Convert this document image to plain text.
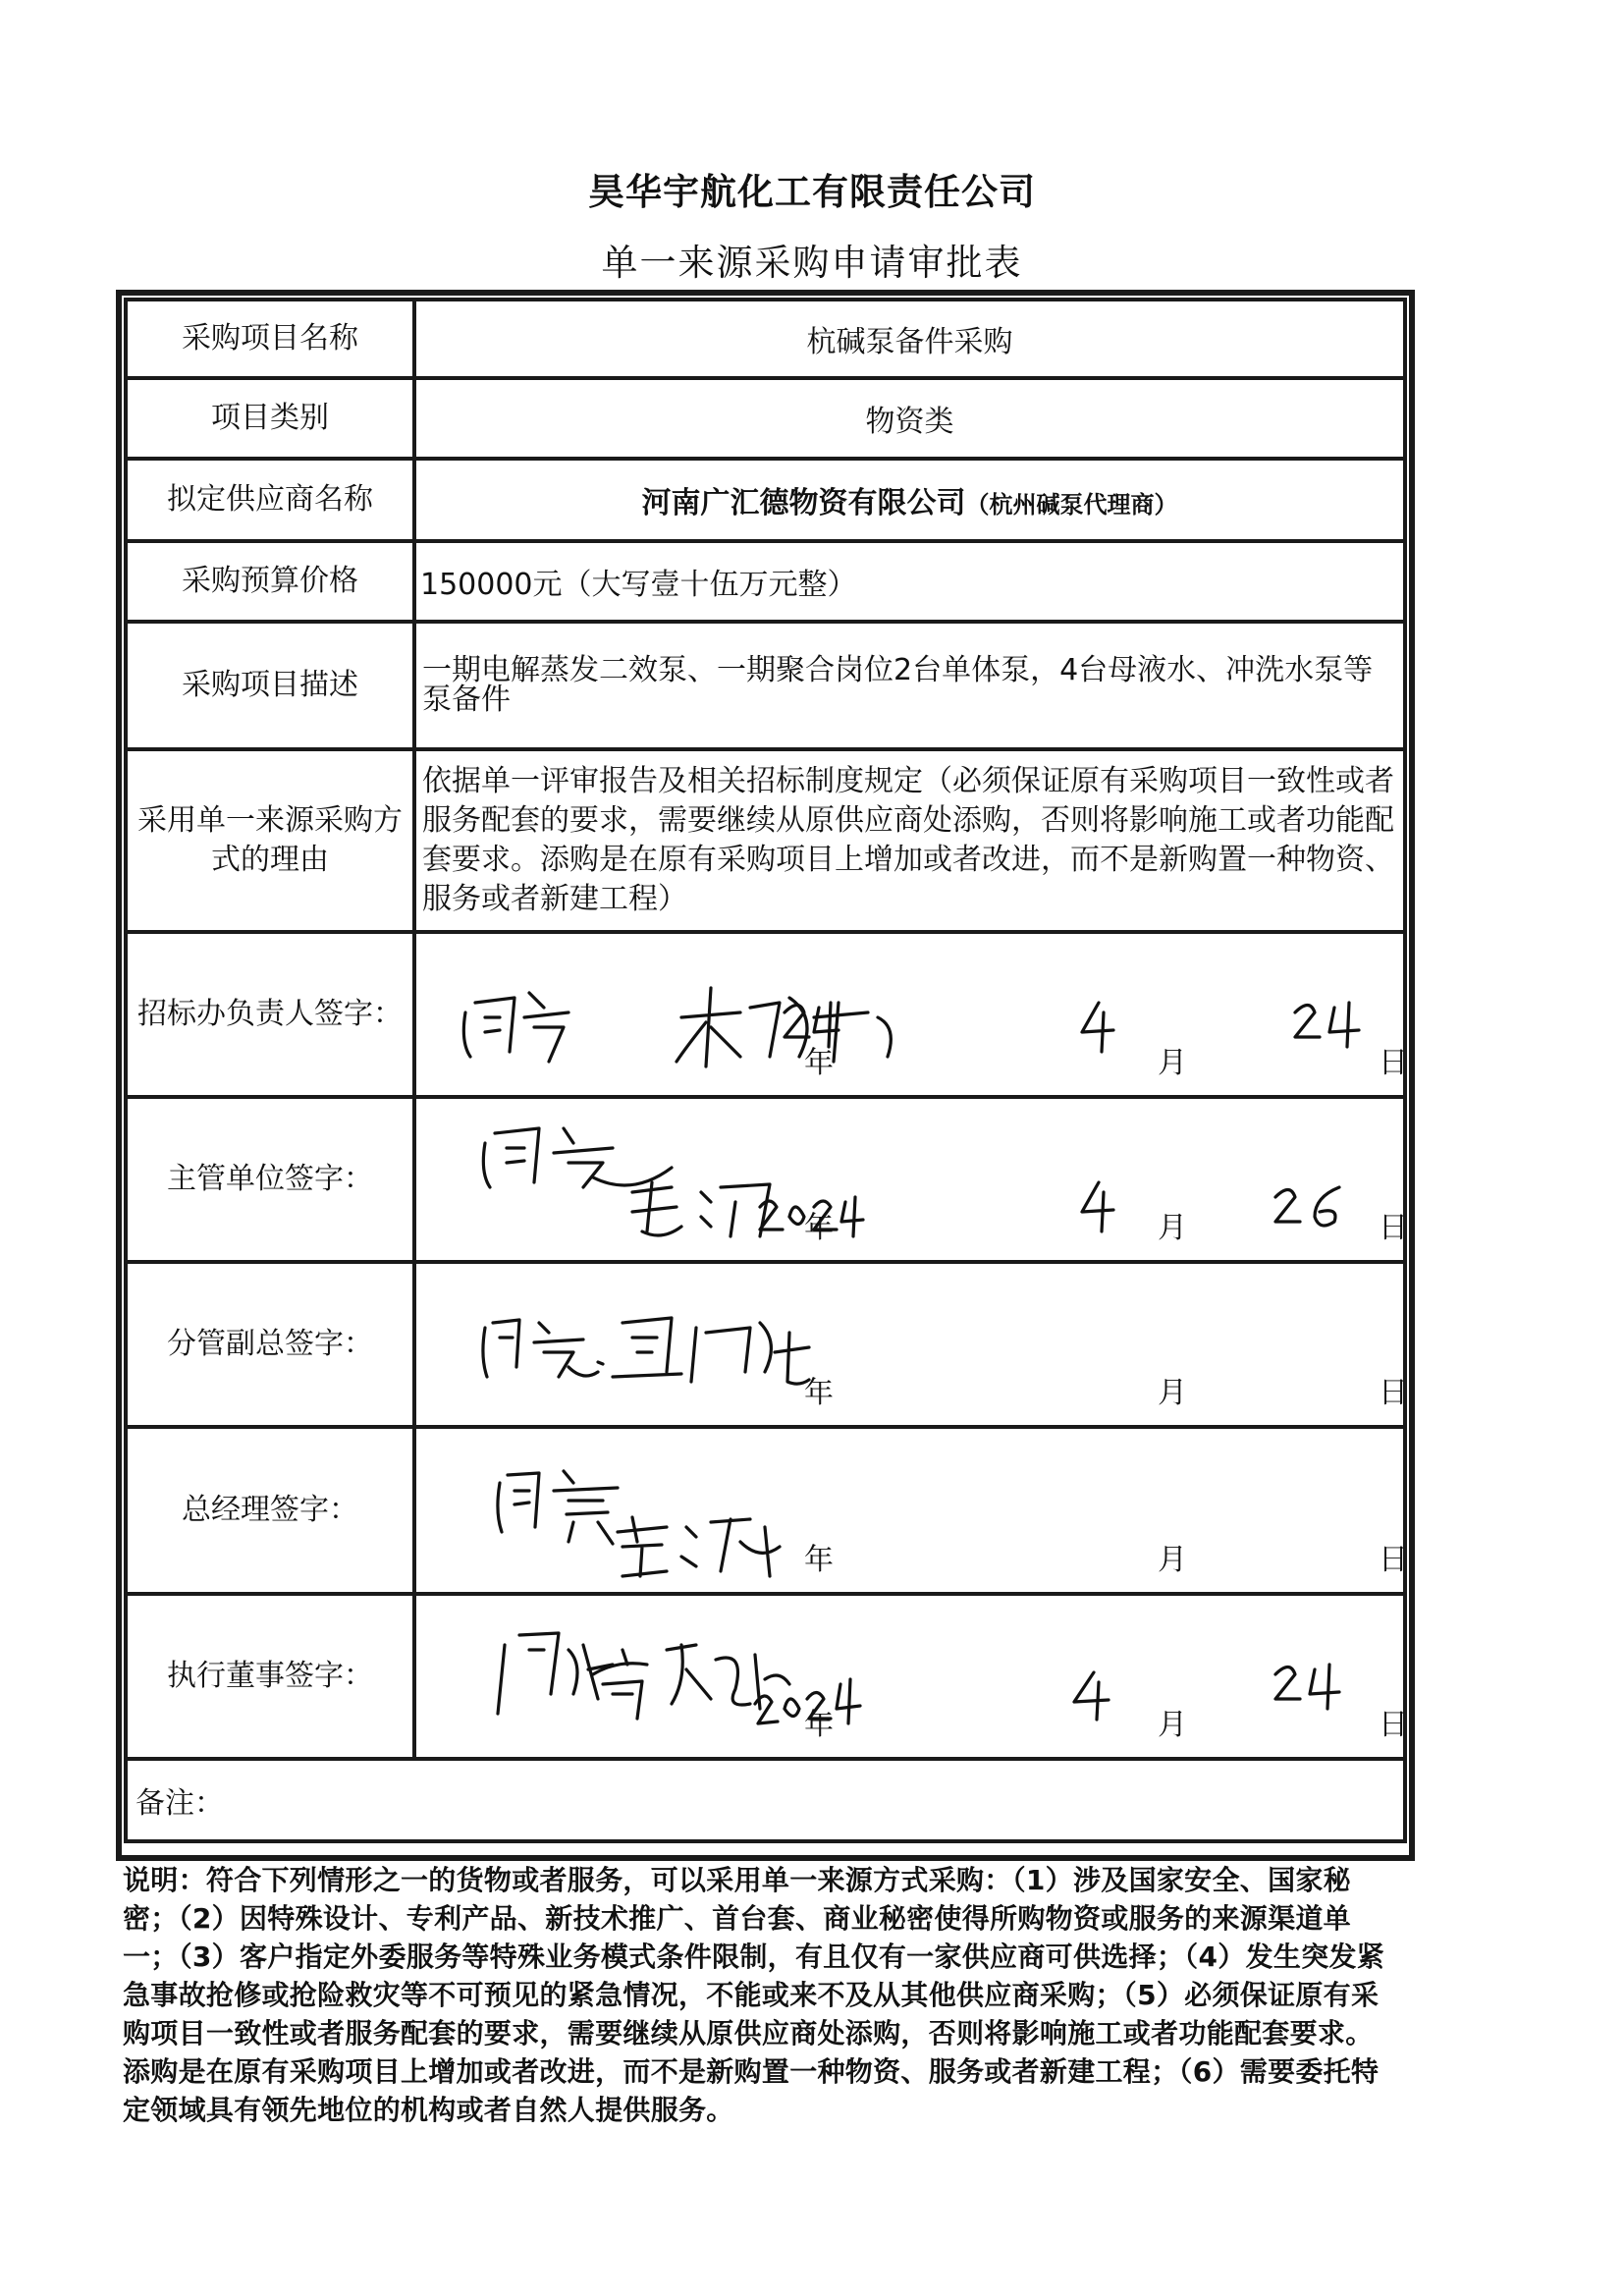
昊华宇航化工有限责任公司
单一来源采购申请审批表
采购项目名称	杭碱泵备件采购
项目类别	物资类
拟定供应商名称	河南广汇德物资有限公司（杭州碱泵代理商）
采购预算价格	150000元（大写壹十伍万元整）
采购项目描述	一期电解蒸发二效泵、一期聚合岗位2台单体泵，4台母液水、冲洗水泵等泵备件
采用单一来源采购方式的理由	依据单一评审报告及相关招标制度规定（必须保证原有采购项目一致性或者服务配套的要求，需要继续从原供应商处添购，否则将影响施工或者功能配套要求。添购是在原有采购项目上增加或者改进，而不是新购置一种物资、服务或者新建工程）
招标办负责人签字：	年 月 日

主管单位签字：	年 月 日

分管副总签字：	年 月 日

总经理签字：	年 月 日

执行董事签字：	年 月 日

备注：	
说明：符合下列情形之一的货物或者服务，可以采用单一来源方式采购：（1）涉及国家安全、国家秘密；（2）因特殊设计、专利产品、新技术推广、首台套、商业秘密使得所购物资或服务的来源渠道单一；（3）客户指定外委服务等特殊业务模式条件限制，有且仅有一家供应商可供选择；（4）发生突发紧急事故抢修或抢险救灾等不可预见的紧急情况，不能或来不及从其他供应商采购；（5）必须保证原有采购项目一致性或者服务配套的要求，需要继续从原供应商处添购，否则将影响施工或者功能配套要求。添购是在原有采购项目上增加或者改进，而不是新购置一种物资、服务或者新建工程；（6）需要委托特定领域具有领先地位的机构或者自然人提供服务。
